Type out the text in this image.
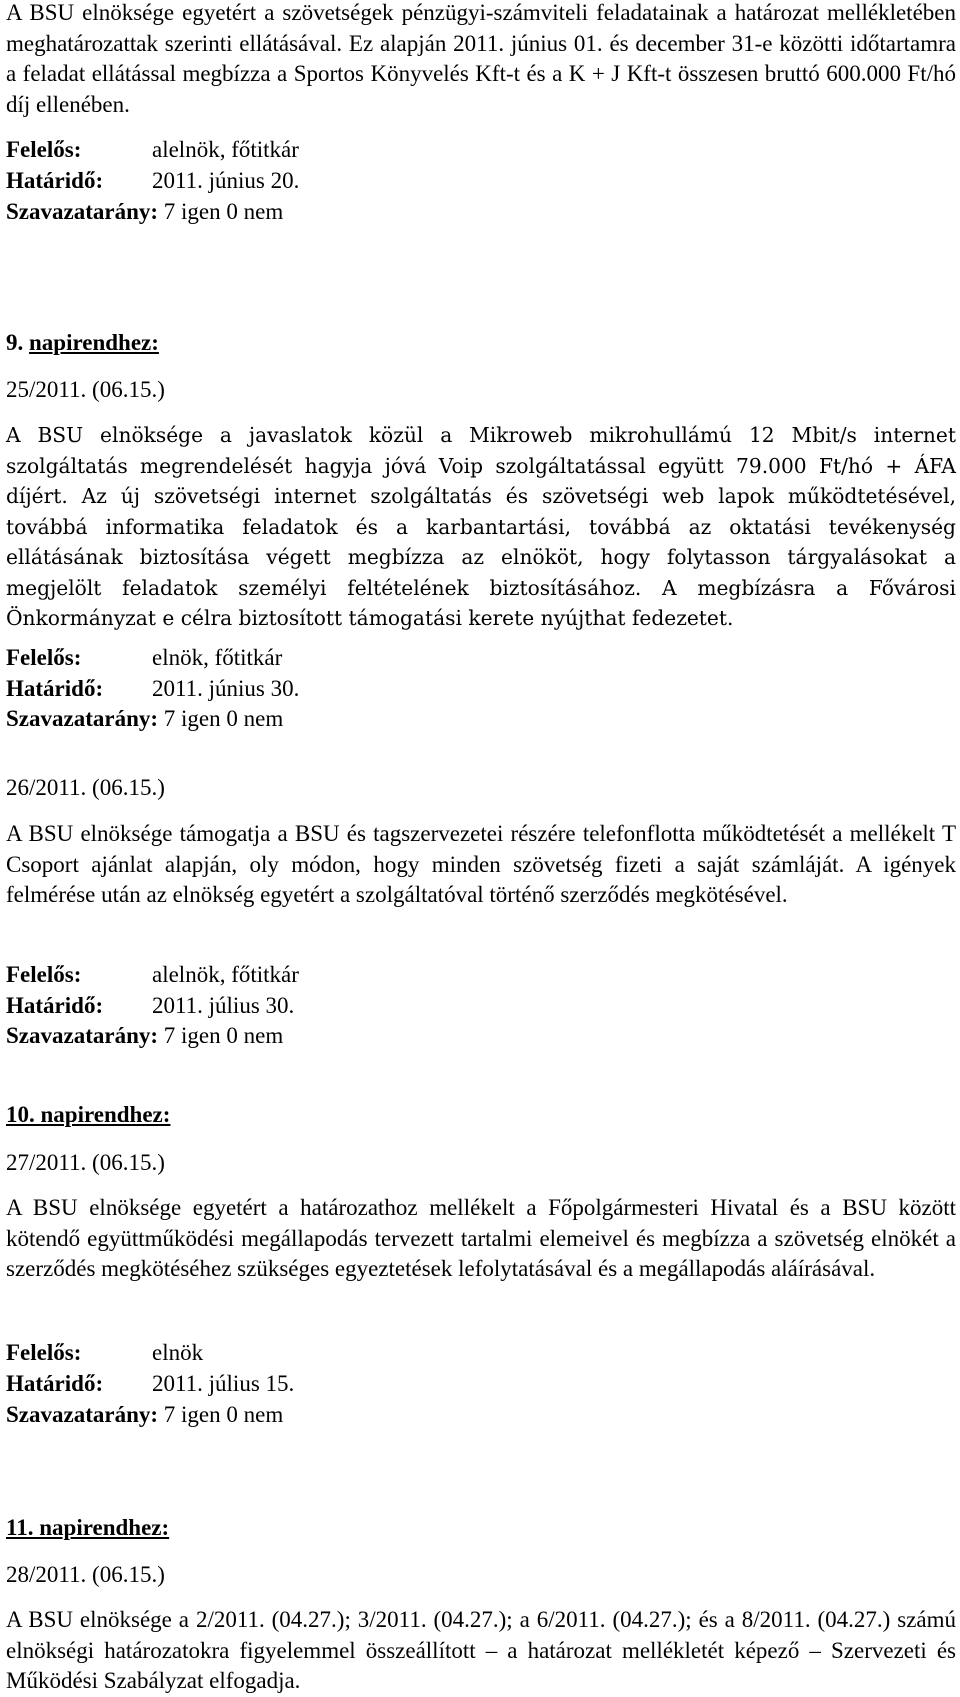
A BSU elnöksége egyetért a szövetségek pénzügyi-számviteli feladatainak a határozat mellékletében meghatározattak szerinti ellátásával. Ez alapján 2011. június 01. és december 31-e közötti időtartamra a feladat ellátással megbízza a Sportos Könyvelés Kft-t és a K + J Kft-t összesen bruttó 600.000 Ft/hó díj ellenében.
Felelős:	alelnök, főtitkár
Határidő: 2011. június 20.
Szavazatarány: 7 igen 0 nem
9. napirendhez:
25/2011. (06.15.)
A BSU elnöksége a javaslatok közül a Mikroweb mikrohullámú 12 Mbit/s internet szolgáltatás megrendelését hagyja jóvá Voip szolgáltatással együtt 79.000 Ft/hó + ÁFA díjért. Az új szövetségi internet szolgáltatás és szövetségi web lapok működtetésével, továbbá informatika feladatok és a karbantartási, továbbá az oktatási tevékenység ellátásának biztosítása végett megbízza az elnököt, hogy folytasson tárgyalásokat a megjelölt feladatok személyi feltételének biztosításához. A megbízásra a Fővárosi Önkormányzat e célra biztosított támogatási kerete nyújthat fedezetet.
Felelős:	elnök, főtitkár
Határidő: 2011. június 30.
Szavazatarány: 7 igen 0 nem
26/2011. (06.15.)
A BSU elnöksége támogatja a BSU és tagszervezetei részére telefonflotta működtetését a mellékelt T Csoport ajánlat alapján, oly módon, hogy minden szövetség fizeti a saját számláját. A igények felmérése után az elnökség egyetért a szolgáltatóval történő szerződés megkötésével.
Felelős:	alelnök, főtitkár
Határidő: 2011. július 30.
Szavazatarány: 7 igen 0 nem
10. napirendhez:
27/2011. (06.15.)
A BSU elnöksége egyetért a határozathoz mellékelt a Főpolgármesteri Hivatal és a BSU között kötendő együttműködési megállapodás tervezett tartalmi elemeivel és megbízza a szövetség elnökét a szerződés megkötéséhez szükséges egyeztetések lefolytatásával és a megállapodás aláírásával.
Felelős:	elnök
Határidő: 2011. július 15.
Szavazatarány: 7 igen 0 nem
11. napirendhez:
28/2011. (06.15.)
A BSU elnöksége a 2/2011. (04.27.); 3/2011. (04.27.); a 6/2011. (04.27.); és a 8/2011. (04.27.) számú elnökségi határozatokra figyelemmel összeállított – a határozat mellékletét képező – Szervezeti és Működési Szabályzat elfogadja.
